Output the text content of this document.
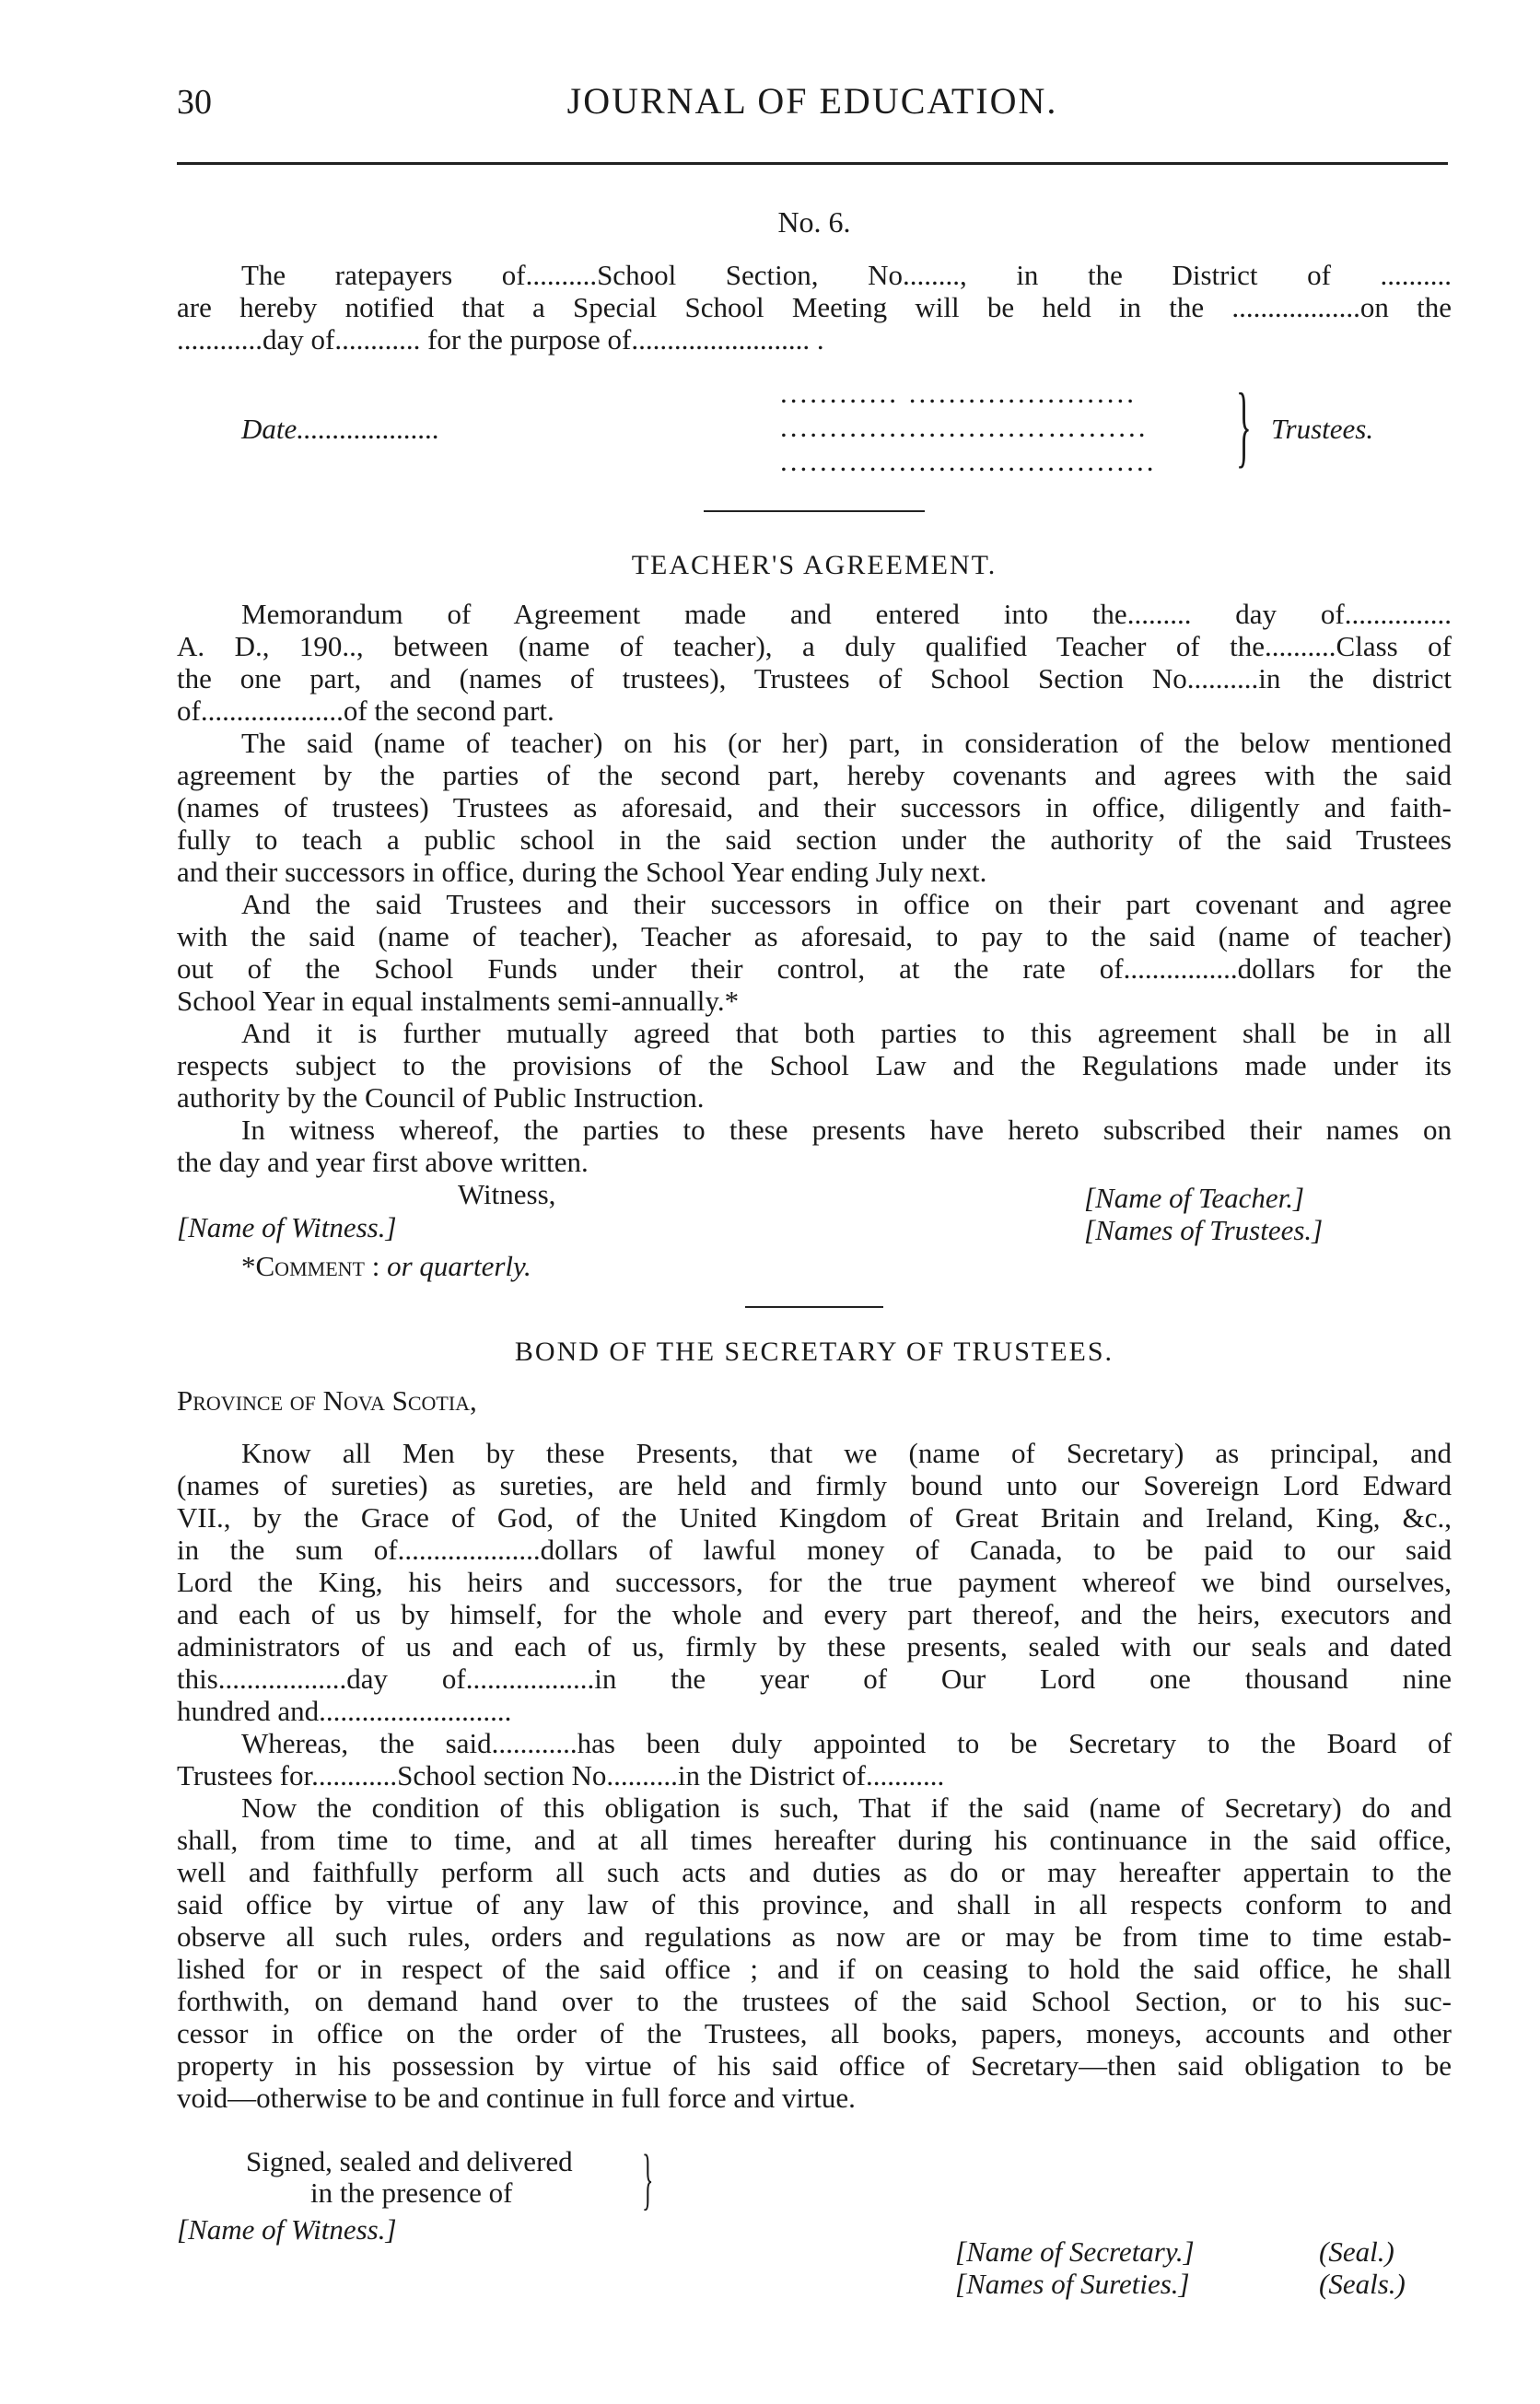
30	JOURNAL OF EDUCATION.
No. 6.

The ratepayers of..........School Section, No........, in the District of ..........

are hereby notified that a Special School Meeting will be held in the ..................on the

............day of............ for the purpose of......................... .

Date....................
............ .......................
...........................….......
...................................... } Trustees.
TEACHER'S AGREEMENT.

Memorandum of Agreement made and entered into the......... day of...............

A. D., 190.., between (name of teacher), a duly qualified Teacher of the..........Class of

the one part, and (names of trustees), Trustees of School Section No..........in the district

of....................of the second part.

The said (name of teacher) on his (or her) part, in consideration of the below mentioned

agreement by the parties of the second part, hereby covenants and agrees with the said

(names of trustees) Trustees as aforesaid, and their successors in office, diligently and faith-

fully to teach a public school in the said section under the authority of the said Trustees

and their successors in office, during the School Year ending July next.

And the said Trustees and their successors in office on their part covenant and agree

with the said (name of teacher), Teacher as aforesaid, to pay to the said (name of teacher)

out of the School Funds under their control, at the rate of................dollars for the

School Year in equal instalments semi-annually.*

And it is further mutually agreed that both parties to this agreement shall be in all

respects subject to the provisions of the School Law and the Regulations made under its

authority by the Council of Public Instruction.

In witness whereof, the parties to these presents have hereto subscribed their names on

the day and year first above written.

Witness,
[Name of Witness.]
[Name of Teacher.]
[Names of Trustees.]
*Comment : or quarterly.
BOND OF THE SECRETARY OF TRUSTEES.
Province of Nova Scotia,

Know all Men by these Presents, that we (name of Secretary) as principal, and

(names of sureties) as sureties, are held and firmly bound unto our Sovereign Lord Edward

VII., by the Grace of God, of the United Kingdom of Great Britain and Ireland, King, &c.,

in the sum of....................dollars of lawful money of Canada, to be paid to our said

Lord the King, his heirs and successors, for the true payment whereof we bind ourselves,

and each of us by himself, for the whole and every part thereof, and the heirs, executors and

administrators of us and each of us, firmly by these presents, sealed with our seals and dated

this..................day of..................in the year of Our Lord one thousand nine

hundred and...........................

Whereas, the said............has been duly appointed to be Secretary to the Board of

Trustees for............School section No..........in the District of...........

Now the condition of this obligation is such, That if the said (name of Secretary) do and

shall, from time to time, and at all times hereafter during his continuance in the said office,

well and faithfully perform all such acts and duties as do or may hereafter appertain to the

said office by virtue of any law of this province, and shall in all respects conform to and

observe all such rules, orders and regulations as now are or may be from time to time estab-

lished for or in respect of the said office ; and if on ceasing to hold the said office, he shall

forthwith, on demand hand over to the trustees of the said School Section, or to his suc-

cessor in office on the order of the Trustees, all books, papers, moneys, accounts and other

property in his possession by virtue of his said office of Secretary—then said obligation to be

void—otherwise to be and continue in full force and virtue.

Signed, sealed and delivered
in the presence of }
[Name of Witness.]
[Name of Secretary.]
[Names of Sureties.]
(Seal.)
(Seals.)
